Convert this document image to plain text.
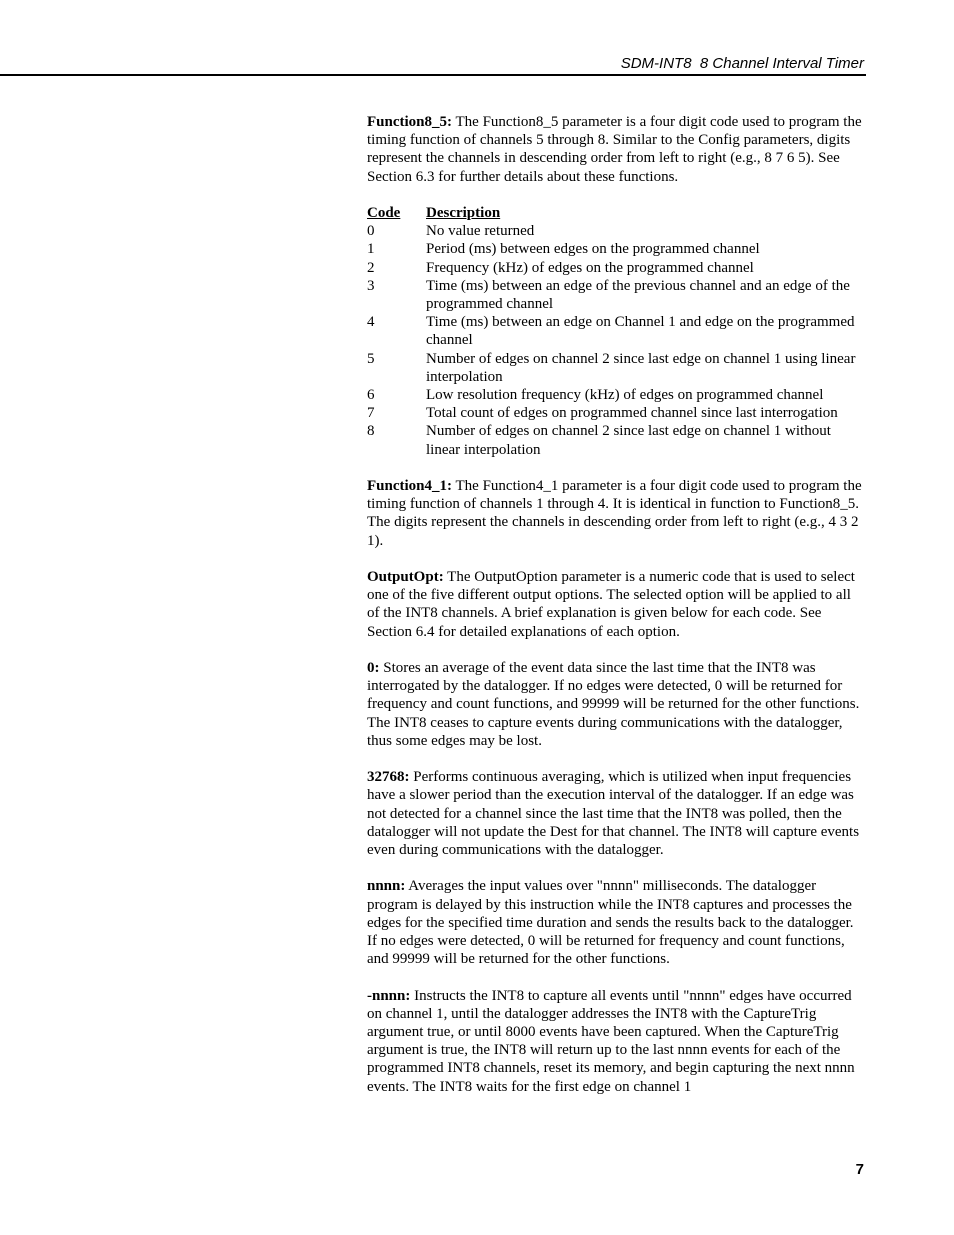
SDM-INT8  8 Channel Interval Timer

Function8_5: The Function8_5 parameter is a four digit code used to program the timing function of channels 5 through 8. Similar to the Config parameters, digits represent the channels in descending order from left to right (e.g., 8 7 6 5). See Section 6.3 for further details about these functions.

Code	Description
0	No value returned
1	Period (ms) between edges on the programmed channel
2	Frequency (kHz) of edges on the programmed channel
3	Time (ms) between an edge of the previous channel and an edge of the programmed channel
4	Time (ms) between an edge on Channel 1 and edge on the programmed channel
5	Number of edges on channel 2 since last edge on channel 1 using linear interpolation
6	Low resolution frequency (kHz) of edges on programmed channel
7	Total count of edges on programmed channel since last interrogation
8	Number of edges on channel 2 since last edge on channel 1 without linear interpolation

Function4_1: The Function4_1 parameter is a four digit code used to program the timing function of channels 1 through 4. It is identical in function to Function8_5. The digits represent the channels in descending order from left to right (e.g., 4 3 2 1).

OutputOpt: The OutputOption parameter is a numeric code that is used to select one of the five different output options. The selected option will be applied to all of the INT8 channels. A brief explanation is given below for each code. See Section 6.4 for detailed explanations of each option.

0: Stores an average of the event data since the last time that the INT8 was interrogated by the datalogger. If no edges were detected, 0 will be returned for frequency and count functions, and 99999 will be returned for the other functions. The INT8 ceases to capture events during communications with the datalogger, thus some edges may be lost.

32768: Performs continuous averaging, which is utilized when input frequencies have a slower period than the execution interval of the datalogger. If an edge was not detected for a channel since the last time that the INT8 was polled, then the datalogger will not update the Dest for that channel. The INT8 will capture events even during communications with the datalogger.

nnnn: Averages the input values over "nnnn" milliseconds. The datalogger program is delayed by this instruction while the INT8 captures and processes the edges for the specified time duration and sends the results back to the datalogger. If no edges were detected, 0 will be returned for frequency and count functions, and 99999 will be returned for the other functions.

-nnnn: Instructs the INT8 to capture all events until "nnnn" edges have occurred on channel 1, until the datalogger addresses the INT8 with the CaptureTrig argument true, or until 8000 events have been captured. When the CaptureTrig argument is true, the INT8 will return up to the last nnnn events for each of the programmed INT8 channels, reset its memory, and begin capturing the next nnnn events. The INT8 waits for the first edge on channel 1

7
